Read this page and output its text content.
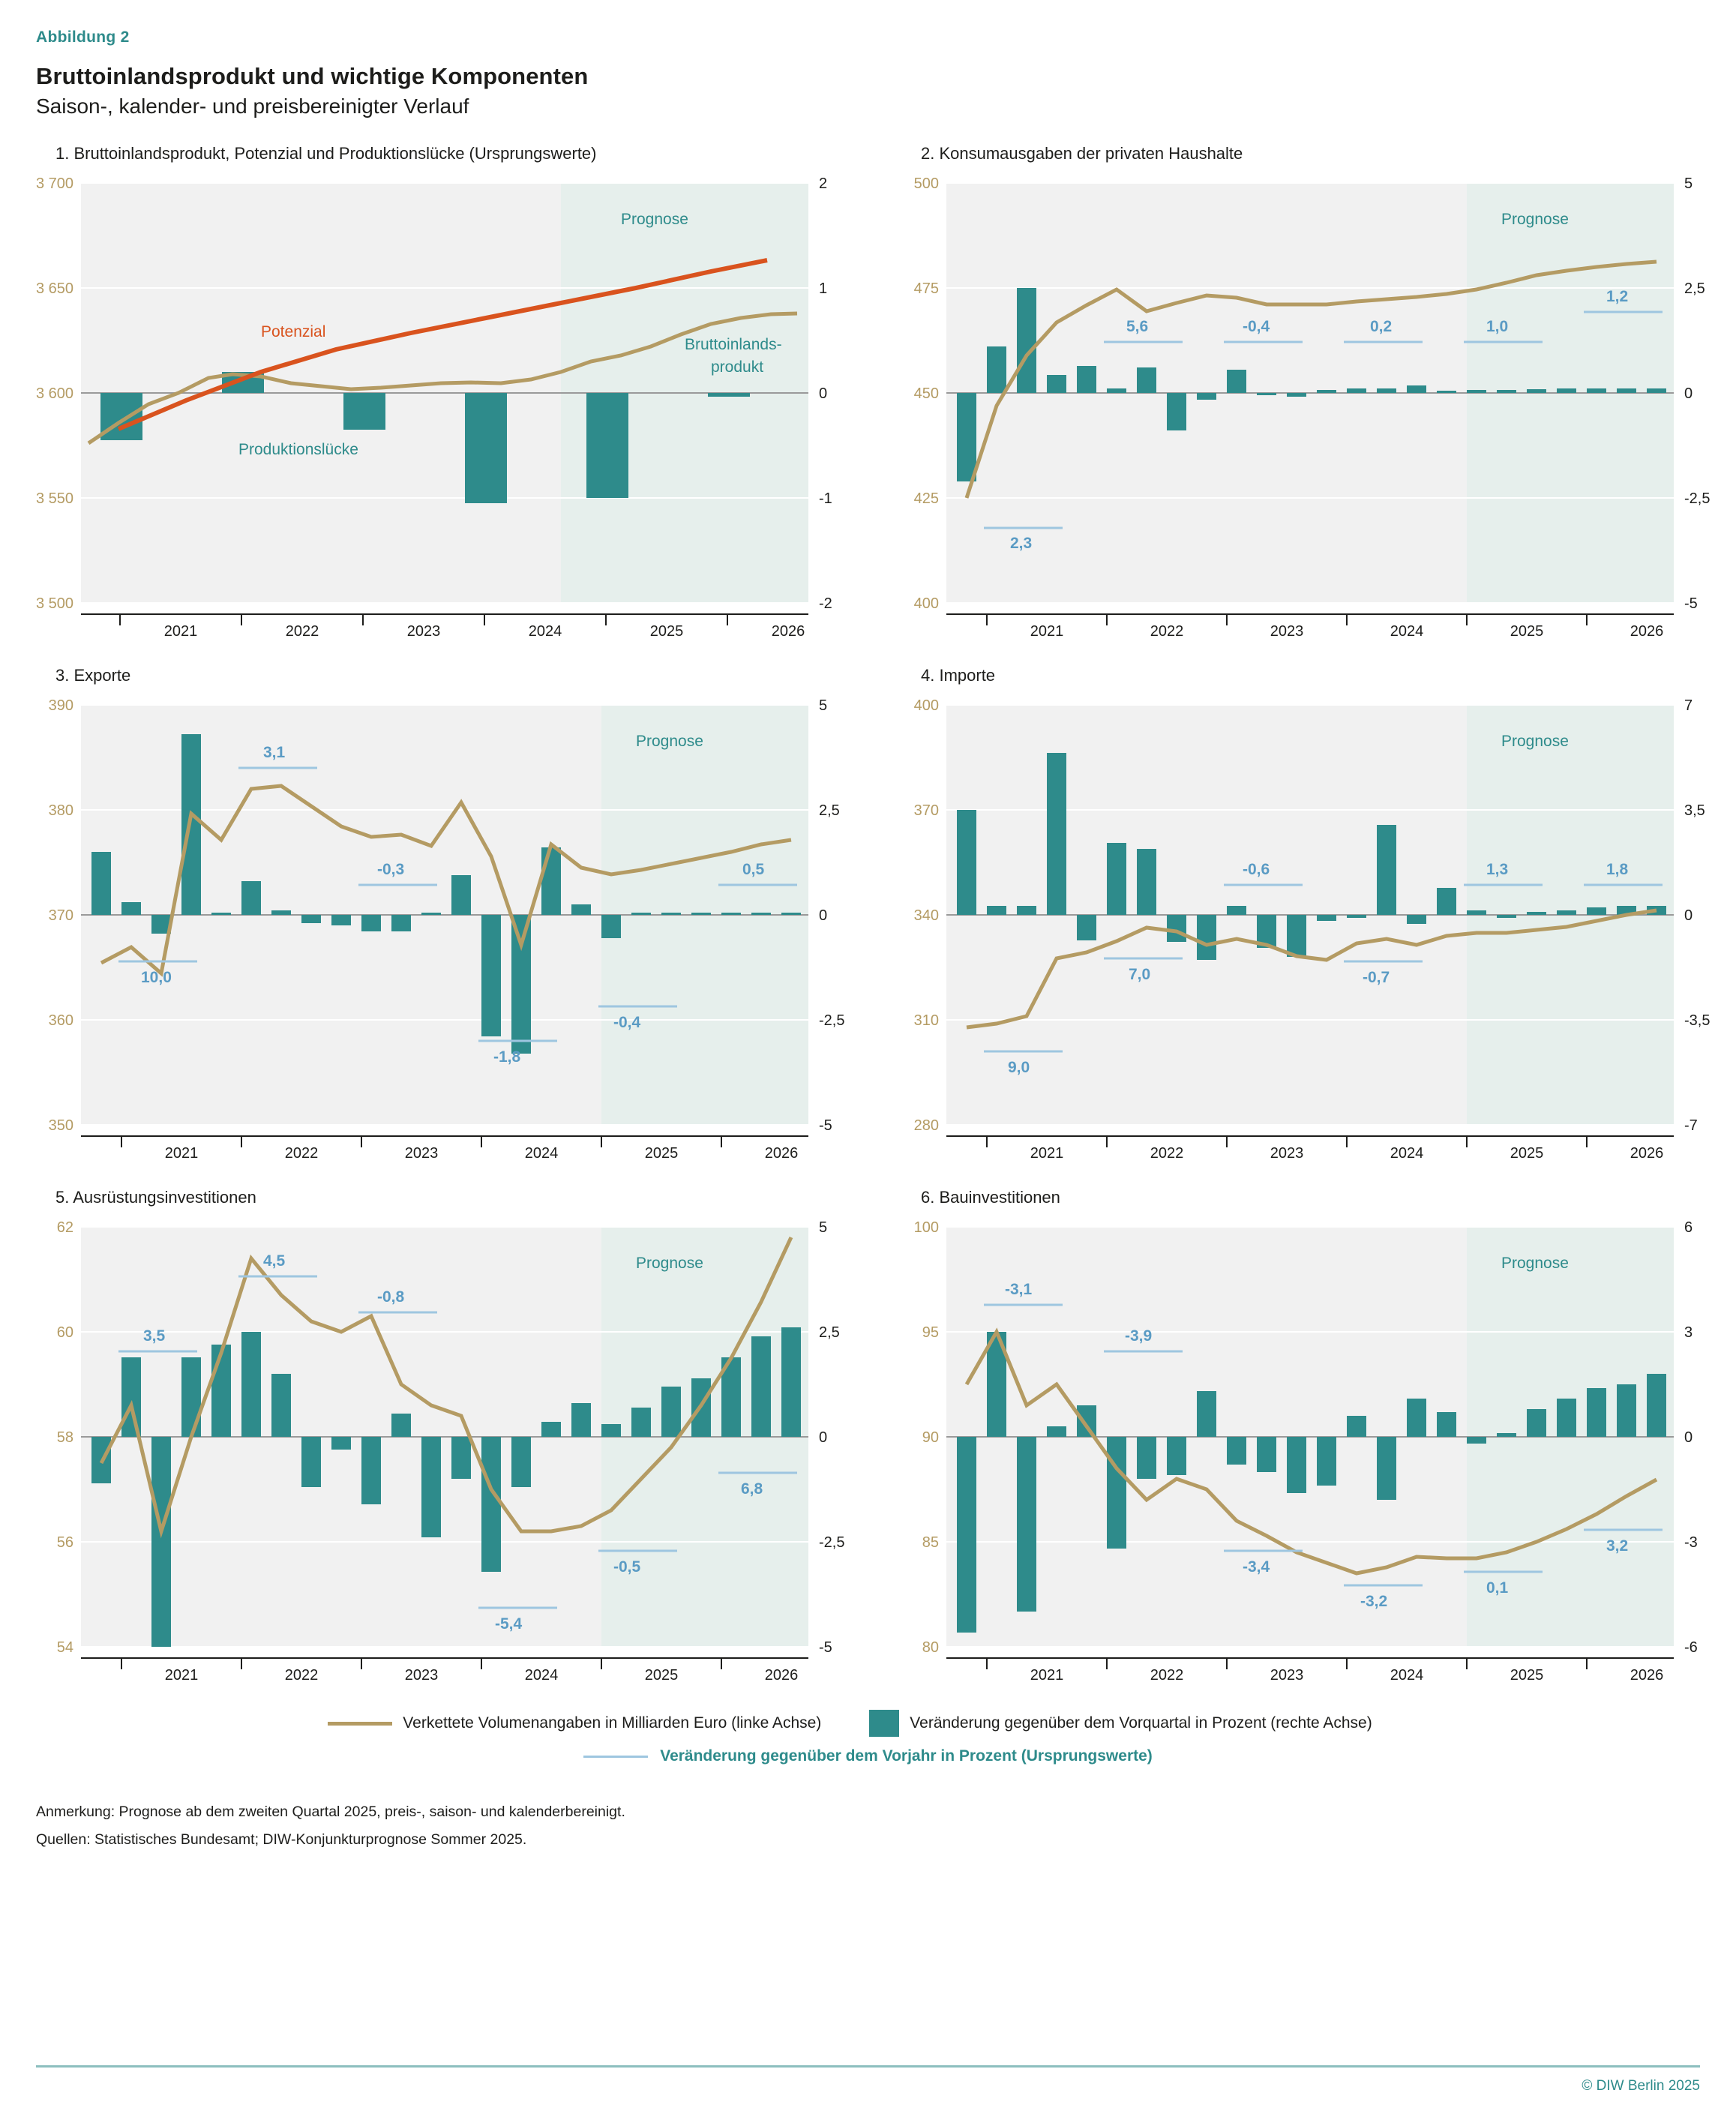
Abbildung 2
Bruttoinlandsprodukt und wichtige Komponenten
Saison-, kalender- und preisbereinigter Verlauf
1. Bruttoinlandsprodukt, Potenzial und Produktionslücke (Ursprungswerte)
3 700
3 650
3 600
3 550
3 500
2
1
0
-1
-2
Potenzial
Produktionslücke
Bruttoinlands-
produkt
Prognose
2021	2022	2023	2024	2025	2026
2. Konsumausgaben der privaten Haushalte
500
475
450
425
400
5
2,5
0
-2,5
-5
2,3
5,6	-0,4	0,2	1,0
1,2
Prognose
2021	2022	2023	2024	2025	2026
3. Exporte
390
380
370
360
350
5
2,5
0
-2,5
-5
10,0
3,1
-0,3
-1,8
-0,4
0,5
Prognose
2021	2022	2023	2024	2025	2026
4. Importe
400
370
340
310
280
7
3,5
0
-3,5
-7
9,0
7,0
-0,6
-0,7
1,3	1,8
Prognose
2021	2022	2023	2024	2025	2026
5. Ausrüstungsinvestitionen
62
60
58
56
54
5
2,5
0
-2,5
-5
3,5
4,5
-0,8
-5,4
-0,5
6,8
Prognose
2021	2022	2023	2024	2025	2026
6. Bauinvestitionen
100
95
90
85
80
6
3
0
-3
-6
-3,1
-3,9
-3,4
-3,2
0,1
3,2
Prognose
2021	2022	2023	2024	2025	2026
Verkettete Volumenangaben in Milliarden Euro (linke Achse)	Veränderung gegenüber dem Vorquartal in Prozent (rechte Achse)
Veränderung gegenüber dem Vorjahr in Prozent (Ursprungswerte)
Anmerkung: Prognose ab dem zweiten Quartal 2025, preis-, saison- und kalenderbereinigt.
Quellen: Statistisches Bundesamt; DIW-Konjunkturprognose Sommer 2025.
© DIW Berlin 2025
